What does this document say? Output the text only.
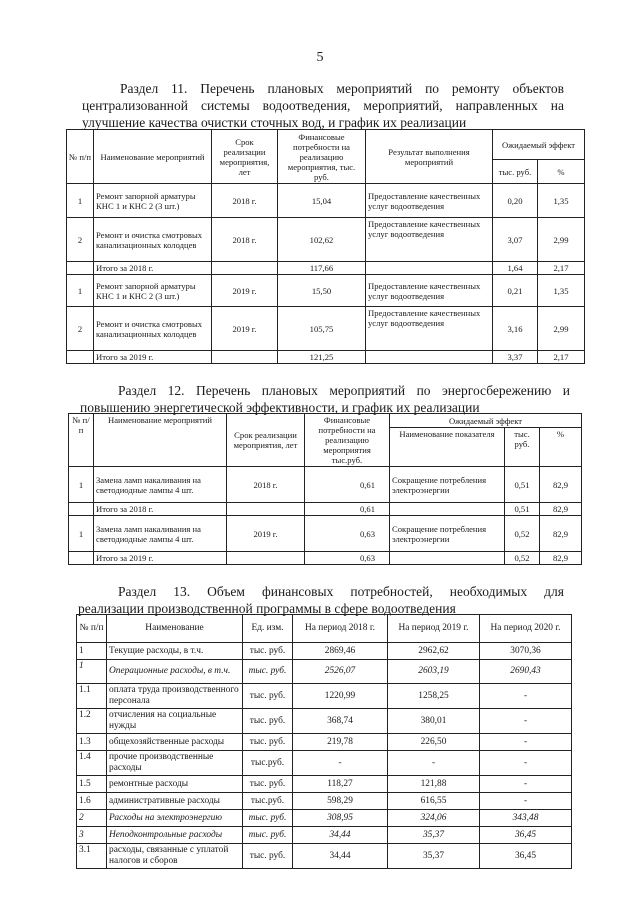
5
Раздел 11. Перечень плановых мероприятий по ремонту объектов
централизованной системы водоотведения, мероприятий, направленных на
улучшение качества очистки сточных вод, и график их реализации
№ п/п	Наименование мероприятий	Срок реализации мероприятия, лет	Финансовые потребности на реализацию мероприятия, тыс. руб.	Результат выполнения мероприятий	Ожидаемый эффект	
					тыс. руб.	%
1	Ремонт запорной арматуры КНС 1 и КНС 2 (3 шт.)	2018 г.	15,04	Предоставление качественных услуг водоотведения	0,20	1,35
2	Ремонт и очистка смотровых канализационных колодцев	2018 г.	102,62	Предоставление качественных услуг водоотведения	3,07	2,99
	Итого за 2018 г.		117,66		1,64	2,17
1	Ремонт запорной арматуры КНС 1 и КНС 2 (3 шт.)	2019 г.	15,50	Предоставление качественных услуг водоотведения	0,21	1,35
2	Ремонт и очистка смотровых канализационных колодцев	2019 г.	105,75	Предоставление качественных услуг водоотведения	3,16	2,99
	Итого за 2019 г.		121,25		3,37	2,17
Раздел 12. Перечень плановых мероприятий по энергосбережению и
повышению энергетической эффективности, и график их реализации
№ п/п	Наименование мероприятий	Срок реализации мероприятия, лет	Финансовые потребности на реализацию мероприятия тыс.руб.	Ожидаемый эффект		
				Наименование показателя	тыс. руб.	%
1	Замена ламп накаливания на светодиодные лампы 4 шт.	2018 г.	0,61	Сокращение потребления электроэнергии	0,51	82,9
	Итого за 2018 г.		0,61		0,51	82,9
1	Замена ламп накаливания на светодиодные лампы 4 шт.	2019 г.	0,63	Сокращение потребления электроэнергии	0,52	82,9
	Итого за 2019 г.		0,63		0,52	82,9
Раздел 13. Объем финансовых потребностей, необходимых для
реализации производственной программы в сфере водоотведения
№ п/п	Наименование	Ед. изм.	На период 2018 г.	На период 2019 г.	На период 2020 г.
1	Текущие расходы, в т.ч.	тыс. руб.	2869,46	2962,62	3070,36
1	Операционные расходы, в т.ч.	тыс. руб.	2526,07	2603,19	2690,43
1.1	оплата труда производственного персонала	тыс. руб.	1220,99	1258,25	-
1.2	отчисления на социальные нужды	тыс. руб.	368,74	380,01	-
1.3	общехозяйственные расходы	тыс. руб.	219,78	226,50	-
1.4	прочие производственные расходы	тыс.руб.	-	-	-
1.5	ремонтные расходы	тыс. руб.	118,27	121,88	-
1.6	административные расходы	тыс.руб.	598,29	616,55	-
2	Расходы на электроэнергию	тыс. руб.	308,95	324,06	343,48
3	Неподконтрольные расходы	тыс. руб.	34,44	35,37	36,45
3.1	расходы, связанные с уплатой налогов и сборов	тыс. руб.	34,44	35,37	36,45
